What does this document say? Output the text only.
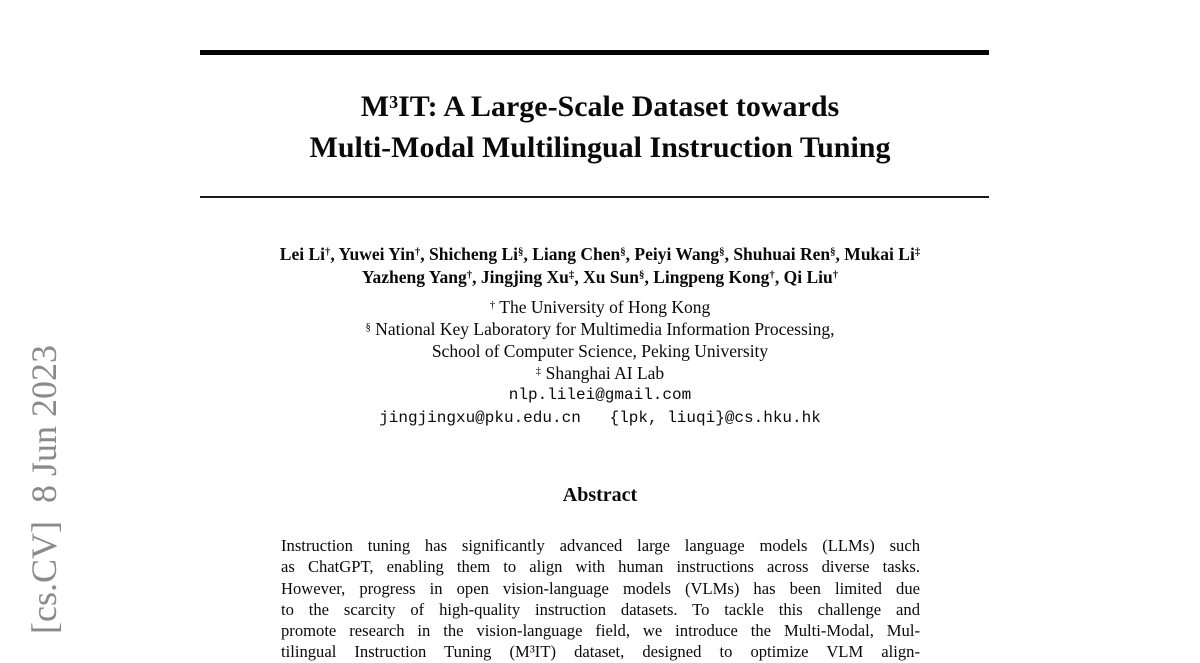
[cs.CV]  8 Jun 2023
$M^3IT$: A Large-Scale Dataset towards
Multi-Modal Multilingual Instruction Tuning
Lei Li†, Yuwei Yin†, Shicheng Li§, Liang Chen§, Peiyi Wang§, Shuhuai Ren§, Mukai Li‡
Yazheng Yang†, Jingjing Xu‡, Xu Sun§, Lingpeng Kong†, Qi Liu†
† The University of Hong Kong
§ National Key Laboratory for Multimedia Information Processing,
School of Computer Science, Peking University
‡ Shanghai AI Lab
nlp.lilei@gmail.com
jingjingxu@pku.edu.cn   {lpk, liuqi}@cs.hku.hk
Abstract
Instruction tuning has significantly advanced large language models (LLMs) such
as ChatGPT, enabling them to align with human instructions across diverse tasks.
However, progress in open vision-language models (VLMs) has been limited due
to the scarcity of high-quality instruction datasets. To tackle this challenge and
promote research in the vision-language field, we introduce the Multi-Modal, Mul-
tilingual Instruction Tuning (M³IT) dataset, designed to optimize VLM align-
